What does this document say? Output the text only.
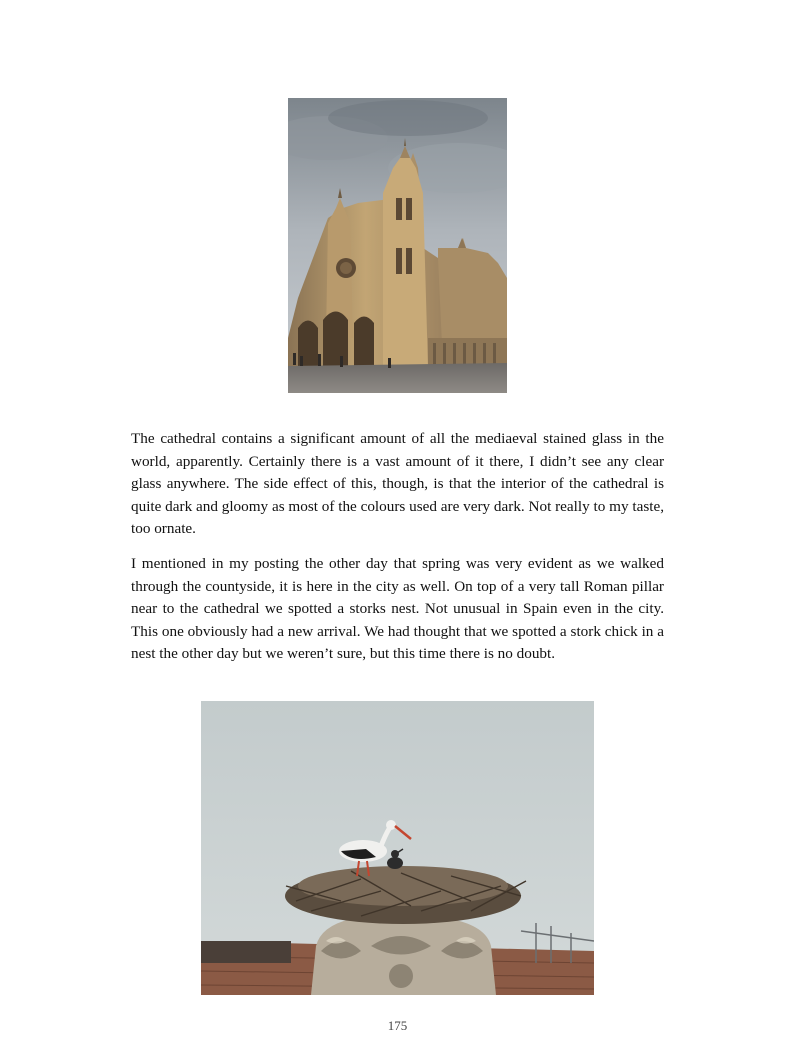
The cathedral contains a significant amount of all the mediaeval stained glass in the world, apparently. Certainly there is a vast amount of it there, I didn’t see any clear glass anywhere. The side effect of this, though, is that the interior of the cathedral is quite dark and gloomy as most of the colours used are very dark. Not really to my taste, too ornate.

I mentioned in my posting the other day that spring was very evident as we walked through the countyside, it is here in the city as well. On top of a very tall Roman pillar near to the cathedral we spotted a storks nest. Not unusual in Spain even in the city. This one obviously had a new arrival. We had thought that we spotted a stork chick in a nest the other day but we weren’t sure, but this time there is no doubt.

175
